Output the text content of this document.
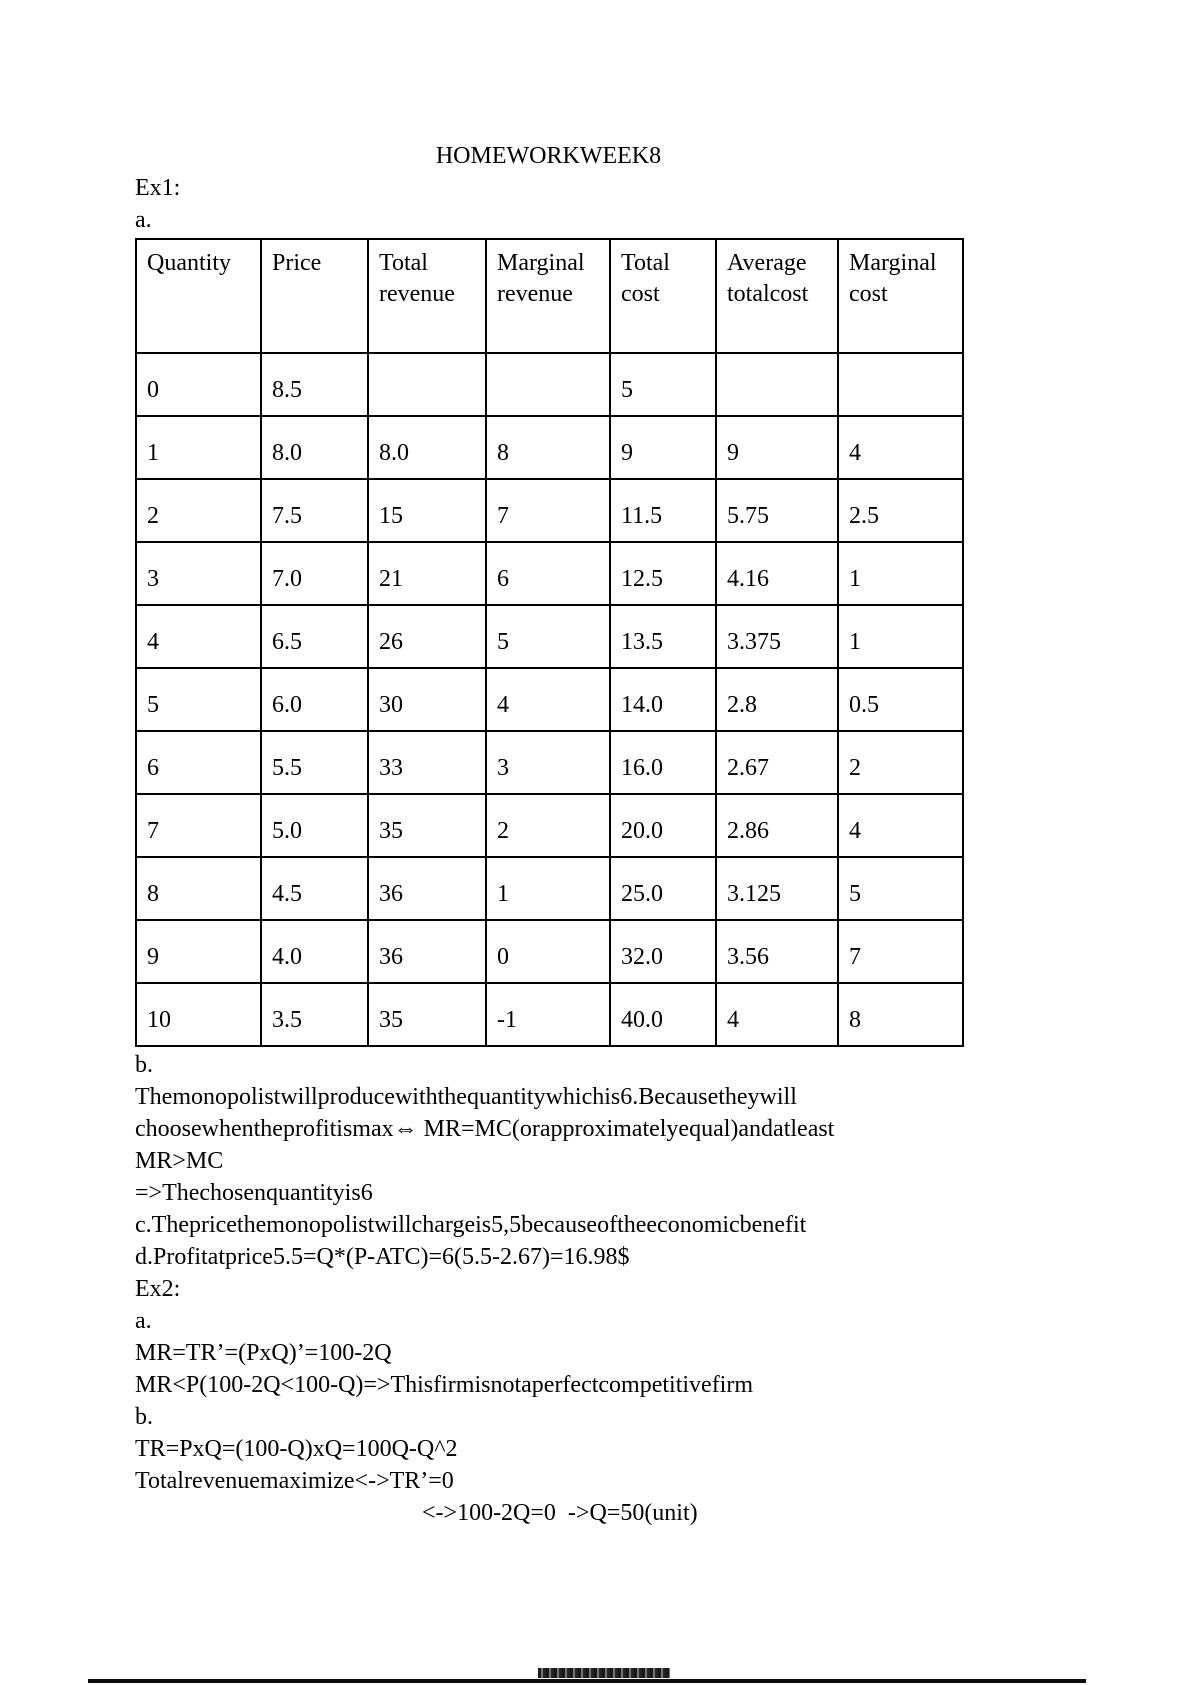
HOMEWORKWEEK8
Ex1:
a.
Quantity	Price	Total revenue	Marginal revenue	Total cost	Average totalcost	Marginal cost
0	8.5			5		
1	8.0	8.0	8	9	9	4
2	7.5	15	7	11.5	5.75	2.5
3	7.0	21	6	12.5	4.16	1
4	6.5	26	5	13.5	3.375	1
5	6.0	30	4	14.0	2.8	0.5
6	5.5	33	3	16.0	2.67	2
7	5.0	35	2	20.0	2.86	4
8	4.5	36	1	25.0	3.125	5
9	4.0	36	0	32.0	3.56	7
10	3.5	35	-1	40.0	4	8
b.
Themonopolistwillproducewiththequantitywhichis6.Becausetheywill
choosewhentheprofitismax⇔ MR=MC(orapproximatelyequal)andatleast
MR>MC
=>Thechosenquantityis6
c.Thepricethemonopolistwillchargeis5,5becauseoftheeconomicbenefit
d.Profitatprice5.5=Q*(P-ATC)=6(5.5-2.67)=16.98$
Ex2:
a.
MR=TR’=(PxQ)’=100-2Q
MR<P(100-2Q<100-Q)=>Thisfirmisnotaperfectcompetitivefirm
b.
TR=PxQ=(100-Q)xQ=100Q-Q^2
Totalrevenuemaximize<->TR’=0
<->100-2Q=0  ->Q=50(unit)
